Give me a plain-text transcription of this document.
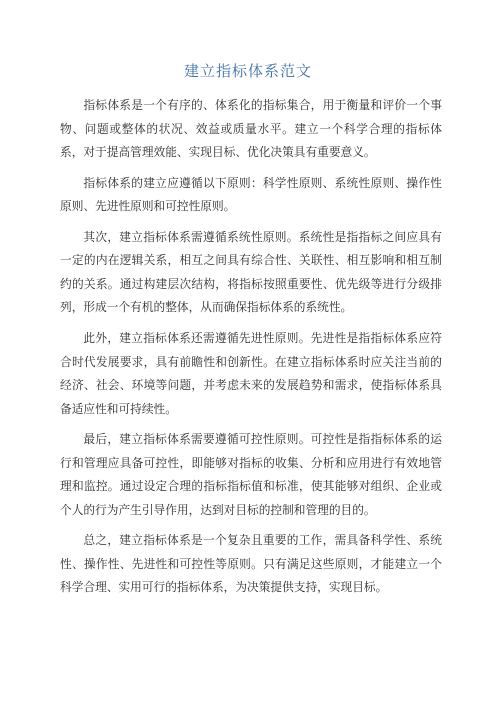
建立指标体系范文

指标体系是一个有序的、体系化的指标集合，用于衡量和评价一个事物、问题或整体的状况、效益或质量水平。建立一个科学合理的指标体系，对于提高管理效能、实现目标、优化决策具有重要意义。

指标体系的建立应遵循以下原则：科学性原则、系统性原则、操作性原则、先进性原则和可控性原则。

其次，建立指标体系需遵循系统性原则。系统性是指指标之间应具有一定的内在逻辑关系，相互之间具有综合性、关联性、相互影响和相互制约的关系。通过构建层次结构，将指标按照重要性、优先级等进行分级排列，形成一个有机的整体，从而确保指标体系的系统性。

此外，建立指标体系还需遵循先进性原则。先进性是指指标体系应符合时代发展要求，具有前瞻性和创新性。在建立指标体系时应关注当前的经济、社会、环境等问题，并考虑未来的发展趋势和需求，使指标体系具备适应性和可持续性。

最后，建立指标体系需要遵循可控性原则。可控性是指指标体系的运行和管理应具备可控性，即能够对指标的收集、分析和应用进行有效地管理和监控。通过设定合理的指标指标值和标准，使其能够对组织、企业或个人的行为产生引导作用，达到对目标的控制和管理的目的。

总之，建立指标体系是一个复杂且重要的工作，需具备科学性、系统性、操作性、先进性和可控性等原则。只有满足这些原则，才能建立一个科学合理、实用可行的指标体系，为决策提供支持，实现目标。
